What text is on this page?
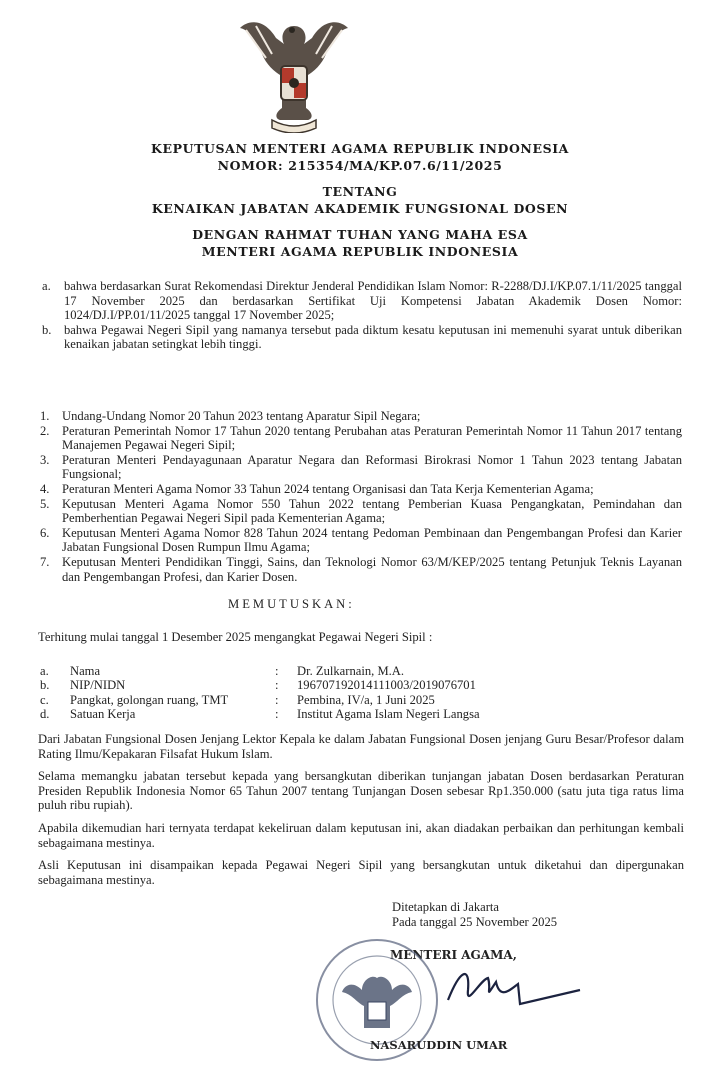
KEPUTUSAN MENTERI AGAMA REPUBLIK INDONESIA
NOMOR: 215354/MA/KP.07.6/11/2025
TENTANG
KENAIKAN JABATAN AKADEMIK FUNGSIONAL DOSEN
DENGAN RAHMAT TUHAN YANG MAHA ESA
MENTERI AGAMA REPUBLIK INDONESIA
a.	bahwa berdasarkan Surat Rekomendasi Direktur Jenderal Pendidikan Islam Nomor: R-2288/DJ.I/KP.07.1/11/2025 tanggal 17 November 2025 dan berdasarkan Sertifikat Uji Kompetensi Jabatan Akademik Dosen Nomor: 1024/DJ.I/PP.01/11/2025 tanggal 17 November 2025;
b. bahwa Pegawai Negeri Sipil yang namanya tersebut pada diktum kesatu keputusan ini memenuhi syarat untuk diberikan kenaikan jabatan setingkat lebih tinggi.
1. Undang-Undang Nomor 20 Tahun 2023 tentang Aparatur Sipil Negara;
2. Peraturan Pemerintah Nomor 17 Tahun 2020 tentang Perubahan atas Peraturan Pemerintah Nomor 11 Tahun 2017 tentang Manajemen Pegawai Negeri Sipil;
3. Peraturan Menteri Pendayagunaan Aparatur Negara dan Reformasi Birokrasi Nomor 1 Tahun 2023 tentang Jabatan Fungsional;
4. Peraturan Menteri Agama Nomor 33 Tahun 2024 tentang Organisasi dan Tata Kerja Kementerian Agama;
5. Keputusan Menteri Agama Nomor 550 Tahun 2022 tentang Pemberian Kuasa Pengangkatan, Pemindahan dan Pemberhentian Pegawai Negeri Sipil pada Kementerian Agama;
6. Keputusan Menteri Agama Nomor 828 Tahun 2024 tentang Pedoman Pembinaan dan Pengembangan Profesi dan Karier Jabatan Fungsional Dosen Rumpun Ilmu Agama;
7. Keputusan Menteri Pendidikan Tinggi, Sains, dan Teknologi Nomor 63/M/KEP/2025 tentang Petunjuk Teknis Layanan dan Pengembangan Profesi, dan Karier Dosen.
MEMUTUSKAN:
Terhitung mulai tanggal 1 Desember 2025 mengangkat Pegawai Negeri Sipil :
a.	Nama	:	Dr. Zulkarnain, M.A.
b.	NIP/NIDN	:	196707192014111003/2019076701
c.	Pangkat, golongan ruang, TMT	:	Pembina, IV/a, 1 Juni 2025
d.	Satuan Kerja	:	Institut Agama Islam Negeri Langsa

Dari Jabatan Fungsional Dosen Jenjang Lektor Kepala ke dalam Jabatan Fungsional Dosen jenjang Guru Besar/Profesor dalam Rating Ilmu/Kepakaran Filsafat Hukum Islam.

Selama memangku jabatan tersebut kepada yang bersangkutan diberikan tunjangan jabatan Dosen berdasarkan Peraturan Presiden Republik Indonesia Nomor 65 Tahun 2007 tentang Tunjangan Dosen sebesar Rp1.350.000 (satu juta tiga ratus lima puluh ribu rupiah).

Apabila dikemudian hari ternyata terdapat kekeliruan dalam keputusan ini, akan diadakan perbaikan dan perhitungan kembali sebagaimana mestinya.

Asli Keputusan ini disampaikan kepada Pegawai Negeri Sipil yang bersangkutan untuk diketahui dan dipergunakan sebagaimana mestinya.

Ditetapkan di Jakarta
Pada tanggal 25 November 2025
MENTERI AGAMA,
NASARUDDIN UMAR
